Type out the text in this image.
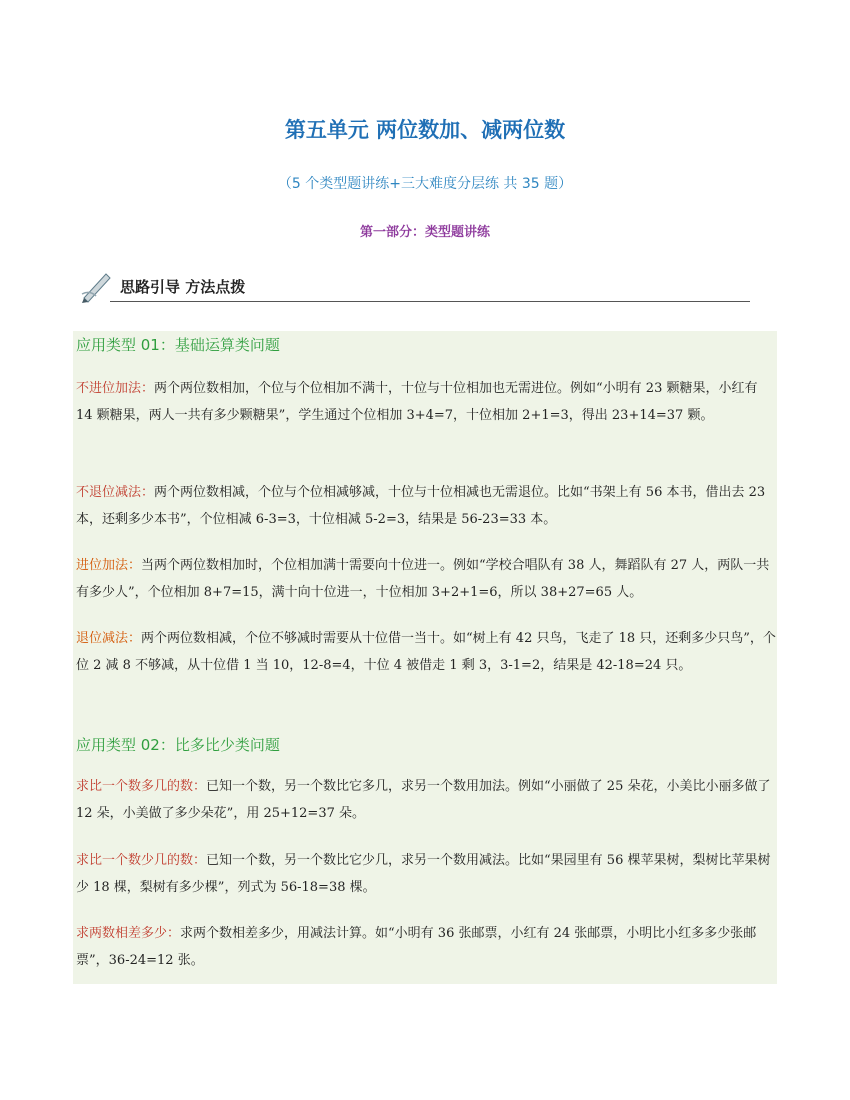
第五单元 两位数加、减两位数
（5 个类型题讲练+三大难度分层练 共 35 题）
第一部分：类型题讲练
思路引导 方法点拨
应用类型 01：基础运算类问题
不进位加法：两个两位数相加，个位与个位相加不满十，十位与十位相加也无需进位。例如“小明有 23 颗糖果，小红有 14 颗糖果，两人一共有多少颗糖果”，学生通过个位相加 3+4=7，十位相加 2+1=3，得出 23+14=37 颗。
不退位减法：两个两位数相减，个位与个位相减够减，十位与十位相减也无需退位。比如“书架上有 56 本书，借出去 23 本，还剩多少本书”，个位相减 6-3=3，十位相减 5-2=3，结果是 56-23=33 本。
进位加法：当两个两位数相加时，个位相加满十需要向十位进一。例如“学校合唱队有 38 人，舞蹈队有 27 人，两队一共有多少人”，个位相加 8+7=15，满十向十位进一，十位相加 3+2+1=6，所以 38+27=65 人。
退位减法：两个两位数相减，个位不够减时需要从十位借一当十。如“树上有 42 只鸟，飞走了 18 只，还剩多少只鸟”，个位 2 减 8 不够减，从十位借 1 当 10，12-8=4，十位 4 被借走 1 剩 3，3-1=2，结果是 42-18=24 只。
应用类型 02：比多比少类问题
求比一个数多几的数：已知一个数，另一个数比它多几，求另一个数用加法。例如“小丽做了 25 朵花，小美比小丽多做了 12 朵，小美做了多少朵花”，用 25+12=37 朵。
求比一个数少几的数：已知一个数，另一个数比它少几，求另一个数用减法。比如“果园里有 56 棵苹果树，梨树比苹果树少 18 棵，梨树有多少棵”，列式为 56-18=38 棵。
求两数相差多少：求两个数相差多少，用减法计算。如“小明有 36 张邮票，小红有 24 张邮票，小明比小红多多少张邮票”，36-24=12 张。
